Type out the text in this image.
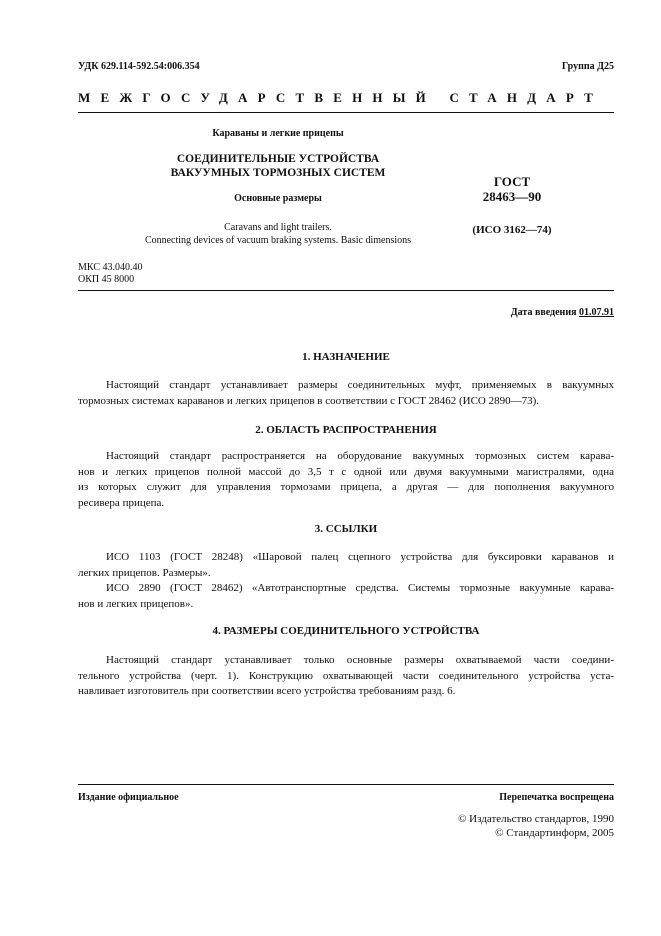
УДК 629.114-592.54:006.354	Группа Д25
МЕЖГОСУДАРСТВЕННЫЙ СТАНДАРТ
Караваны и легкие прицепы
СОЕДИНИТЕЛЬНЫЕ УСТРОЙСТВА
ВАКУУМНЫХ ТОРМОЗНЫХ СИСТЕМ
Основные размеры
Caravans and light trailers.
Connecting devices of vacuum braking systems. Basic dimensions
ГОСТ
28463—90
(ИСО 3162—74)
МКС 43.040.40
ОКП 45 8000
Дата введения 01.07.91
1. НАЗНАЧЕНИЕ
Настоящий стандарт устанавливает размеры соединительных муфт, применяемых в вакуумных
тормозных системах караванов и легких прицепов в соответствии с ГОСТ 28462 (ИСО 2890—73).
2. ОБЛАСТЬ РАСПРОСТРАНЕНИЯ
Настоящий стандарт распространяется на оборудование вакуумных тормозных систем карава-
нов и легких прицепов полной массой до 3,5 т с одной или двумя вакуумными магистралями, одна
из которых служит для управления тормозами прицепа, а другая — для пополнения вакуумного
ресивера прицепа.
3. ССЫЛКИ
ИСО 1103 (ГОСТ 28248) «Шаровой палец сцепного устройства для буксировки караванов и
легких прицепов. Размеры».
ИСО 2890 (ГОСТ 28462) «Автотранспортные средства. Системы тормозные вакуумные карава-
нов и легких прицепов».
4. РАЗМЕРЫ СОЕДИНИТЕЛЬНОГО УСТРОЙСТВА
Настоящий стандарт устанавливает только основные размеры охватываемой части соедини-
тельного устройства (черт. 1). Конструкцию охватывающей части соединительного устройства уста-
навливает изготовитель при соответствии всего устройства требованиям разд. 6.
Издание официальное	Перепечатка воспрещена
© Издательство стандартов, 1990
© Стандартинформ, 2005
